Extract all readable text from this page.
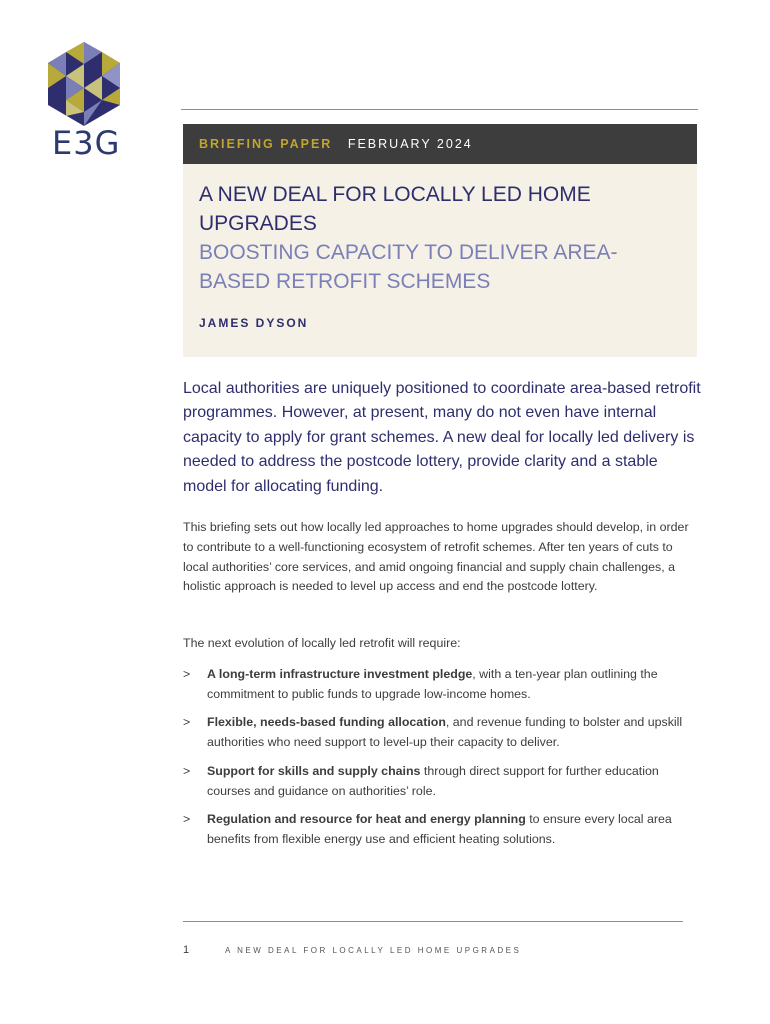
E3G	BRIEFING PAPER FEBRUARY 2024
A NEW DEAL FOR LOCALLY LED HOME UPGRADES
BOOSTING CAPACITY TO DELIVER AREA-BASED RETROFIT SCHEMES
JAMES DYSON
Local authorities are uniquely positioned to coordinate area-based retrofit programmes. However, at present, many do not even have internal capacity to apply for grant schemes. A new deal for locally led delivery is needed to address the postcode lottery, provide clarity and a stable model for allocating funding.
This briefing sets out how locally led approaches to home upgrades should develop, in order to contribute to a well-functioning ecosystem of retrofit schemes. After ten years of cuts to local authorities’ core services, and amid ongoing financial and supply chain challenges, a holistic approach is needed to level up access and end the postcode lottery.
The next evolution of locally led retrofit will require:
> A long-term infrastructure investment pledge, with a ten-year plan outlining the commitment to public funds to upgrade low-income homes.
> Flexible, needs-based funding allocation, and revenue funding to bolster and upskill authorities who need support to level-up their capacity to deliver.
> Support for skills and supply chains through direct support for further education courses and guidance on authorities’ role.
> Regulation and resource for heat and energy planning to ensure every local area benefits from flexible energy use and efficient heating solutions.
1	A NEW DEAL FOR LOCALLY LED HOME UPGRADES
